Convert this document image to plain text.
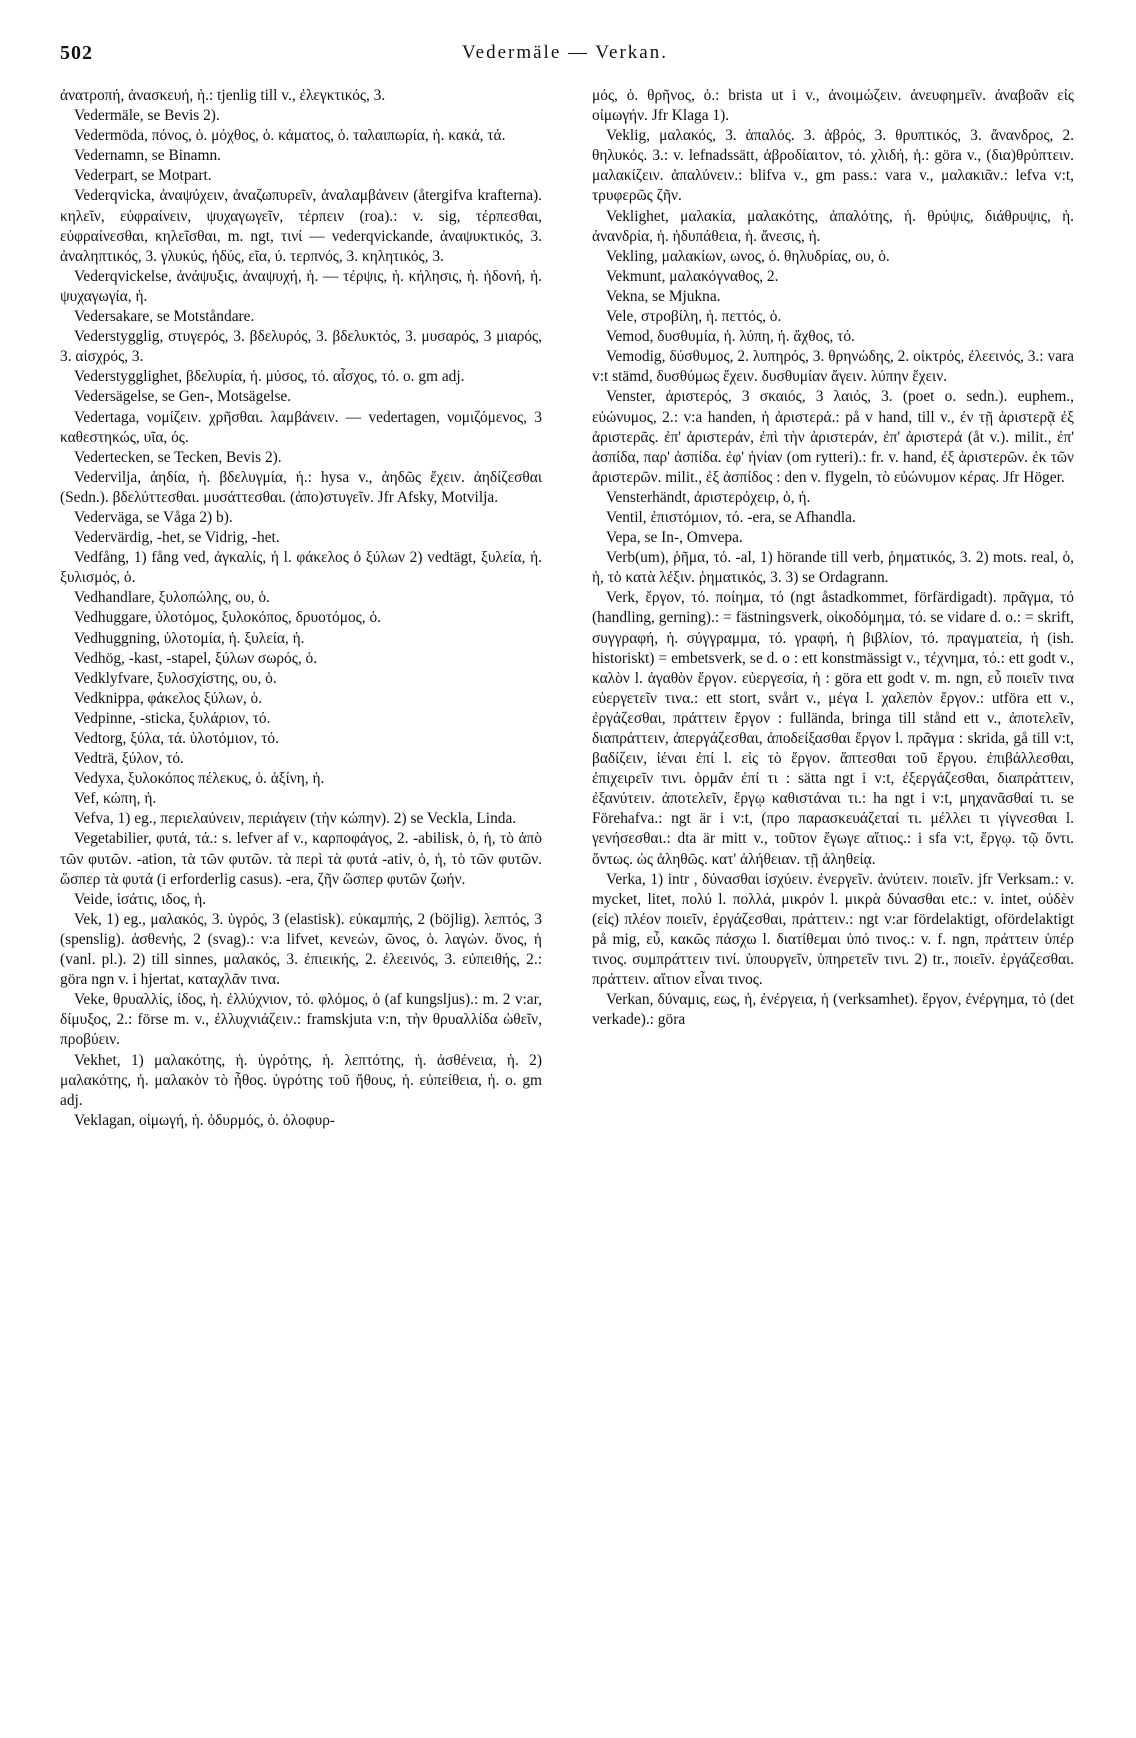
502	Vedermäle — Verkan.

ἀνατροπή, ἀνασκευή, ἡ.: tjenlig till v., ἐλεγκτικός, 3.

Vedermäle, se Bevis 2).

Vedermöda, πόνος, ὁ. μόχθος, ὁ. κάματος, ὁ. ταλαιπωρία, ἡ. κακά, τά.

Vedernamn, se Binamn.

Vederpart, se Motpart.

Vederqvicka, ἀναψύχειν, ἀναζωπυρεῖν, ἀναλαμβάνειν (återgifva krafterna). κηλεῖν, εὐφραίνειν, ψυχαγωγεῖν, τέρπειν (roa).: v. sig, τέρπεσθαι, εὐφραίνεσθαι, κηλεῖσθαι, m. ngt, τινί — vederqvickande, ἀναψυκτικός, 3. ἀναληπτικός, 3. γλυκύς, ἡδύς, εῖα, ύ. τερπνός, 3. κηλητικός, 3.

Vederqvickelse, ἀνάψυξις, ἀναψυχή, ἡ. — τέρψις, ἡ. κήλησις, ἡ. ἡδονή, ἡ. ψυχαγωγία, ἡ.

Vedersakare, se Motståndare.

Vederstygglig, στυγερός, 3. βδελυρός, 3. βδελυκτός, 3. μυσαρός, 3 μιαρός, 3. αἰσχρός, 3.

Vederstygglighet, βδελυρία, ἡ. μύσος, τό. αἶσχος, τό. o. gm adj.

Vedersägelse, se Gen-, Motsägelse.

Vedertaga, νομίζειν. χρῆσθαι. λαμβάνειν. — vedertagen, νομιζόμενος, 3 καθεστηκώς, υῖα, ός.

Vedertecken, se Tecken, Bevis 2).

Vedervilja, ἀηδία, ἡ. βδελυγμία, ἡ.: hysa v., ἀηδῶς ἔχειν. ἀηδίζεσθαι (Sedn.). βδελύττεσθαι. μυσάττεσθαι. (ἀπο)στυγεῖν. Jfr Afsky, Motvilja.

Vederväga, se Våga 2) b).

Vedervärdig, -het, se Vidrig, -het.

Vedfång, 1) fång ved, ἀγκαλίς, ἡ l. φάκελος ὁ ξύλων 2) vedtägt, ξυλεία, ἡ. ξυλισμός, ὁ.

Vedhandlare, ξυλοπώλης, ου, ὁ.

Vedhuggare, ὑλοτόμος, ξυλοκόπος, δρυοτόμος, ὁ.

Vedhuggning, ὑλοτομία, ἡ. ξυλεία, ἡ.

Vedhög, -kast, -stapel, ξύλων σωρός, ὁ.

Vedklyfvare, ξυλοσχίστης, ου, ὁ.

Vedknippa, φάκελος ξύλων, ὁ.

Vedpinne, -sticka, ξυλάριον, τό.

Vedtorg, ξύλα, τά. ὑλοτόμιον, τό.

Vedträ, ξύλον, τό.

Vedyxa, ξυλοκόπος πέλεκυς, ὁ. ἀξίνη, ἡ.

Vef, κώπη, ἡ.

Vefva, 1) eg., περιελαύνειν, περιάγειν (τὴν κώπην). 2) se Veckla, Linda.

Vegetabilier, φυτά, τά.: s. lefver af v., καρποφάγος, 2. -abilisk, ὁ, ἡ, τὸ ἀπὸ τῶν φυτῶν. -ation, τὰ τῶν φυτῶν. τὰ περὶ τὰ φυτά -ativ, ὁ, ἡ, τὸ τῶν φυτῶν. ὥσπερ τὰ φυτά (i erforderlig casus). -era, ζῆν ὥσπερ φυτῶν ζωήν.

Veide, ἰσάτις, ιδος, ἡ.

Vek, 1) eg., μαλακός, 3. ὑγρός, 3 (elastisk). εὐκαμπής, 2 (böjlig). λεπτός, 3 (spenslig). ἀσθενής, 2 (svag).: v:a lifvet, κενεών, ῶνος, ὁ. λαγών. ὄνος, ἡ (vanl. pl.). 2) till sinnes, μαλακός, 3. ἐπιεικής, 2. ἐλεεινός, 3. εὐπειθής, 2.: göra ngn v. i hjertat, καταχλᾶν τινα.

Veke, θρυαλλίς, ίδος, ἡ. ἐλλύχνιον, τό. φλόμος, ὁ (af kungsljus).: m. 2 v:ar, δίμυξος, 2.: förse m. v., ἐλλυχνιάζειν.: framskjuta v:n, τὴν θρυαλλίδα ὠθεῖν, προβύειν.

Vekhet, 1) μαλακότης, ἡ. ὑγρότης, ἡ. λεπτότης, ἡ. ἀσθένεια, ἡ. 2) μαλακότης, ἡ. μαλακὸν τὸ ἦθος. ὑγρότης τοῦ ἤθους, ἡ. εὐπείθεια, ἡ. o. gm adj.

Veklagan, οἰμωγή, ἡ. ὀδυρμός, ὁ. ὀλοφυρ-

μός, ὁ. θρῆνος, ὁ.: brista ut i v., ἀνοιμώζειν. ἀνευφημεῖν. ἀναβοᾶν εἰς οἰμωγήν. Jfr Klaga 1).

Veklig, μαλακός, 3. ἁπαλός. 3. ἁβρός, 3. θρυπτικός, 3. ἄνανδρος, 2. θηλυκός. 3.: v. lefnadssätt, ἁβροδίαιτον, τό. χλιδή, ἡ.: göra v., (δια)θρύπτειν. μαλακίζειν. ἁπαλύνειν.: blifva v., gm pass.: vara v., μαλακιᾶν.: lefva v:t, τρυφερῶς ζῆν.

Veklighet, μαλακία, μαλακότης, ἁπαλότης, ἡ. θρύψις, διάθρυψις, ἡ. ἀνανδρία, ἡ. ἡδυπάθεια, ἡ. ἄνεσις, ἡ.

Vekling, μαλακίων, ωνος, ὁ. θηλυδρίας, ου, ὁ.

Vekmunt, μαλακόγναθος, 2.

Vekna, se Mjukna.

Vele, στροβίλη, ἡ. πεττός, ὁ.

Vemod, δυσθυμία, ἡ. λύπη, ἡ. ἄχθος, τό.

Vemodig, δύσθυμος, 2. λυπηρός, 3. θρηνώδης, 2. οἰκτρός, ἐλεεινός, 3.: vara v:t stämd, δυσθύμως ἔχειν. δυσθυμίαν ἄγειν. λύπην ἔχειν.

Venster, ἀριστερός, 3 σκαιός, 3 λαιός, 3. (poet o. sedn.). euphem., εὐώνυμος, 2.: v:a handen, ἡ ἀριστερά.: på v hand, till v., ἐν τῇ ἀριστερᾷ ἐξ ἀριστερᾶς. ἐπ' ἀριστεράν, ἐπὶ τὴν ἀριστεράν, ἐπ' ἀριστερά (åt v.). milit., ἐπ' ἀσπίδα, παρ' ἀσπίδα. ἐφ' ἡνίαν (om rytteri).: fr. v. hand, ἐξ ἀριστερῶν. ἐκ τῶν ἀριστερῶν. milit., ἐξ ἀσπίδος : den v. flygeln, τὸ εὐώνυμον κέρας. Jfr Höger.

Vensterhändt, ἀριστερόχειρ, ὁ, ἡ.

Ventil, ἐπιστόμιον, τό. -era, se Afhandla.

Vepa, se In-, Omvepa.

Verb(um), ῥῆμα, τό. -al, 1) hörande till verb, ῥηματικός, 3. 2) mots. real, ὁ, ἡ, τὸ κατὰ λέξιν. ῥηματικός, 3. 3) se Ordagrann.

Verk, ἔργον, τό. ποίημα, τό (ngt åstadkommet, förfärdigadt). πρᾶγμα, τό (handling, gerning).: = fästningsverk, οἰκοδόμημα, τό. se vidare d. o.: = skrift, συγγραφή, ἡ. σύγγραμμα, τό. γραφή, ἡ βιβλίον, τό. πραγματεία, ἡ (ish. historiskt) = embetsverk, se d. o : ett konstmässigt v., τέχνημα, τό.: ett godt v., καλὸν l. ἀγαθὸν ἔργον. εὐεργεσία, ἡ : göra ett godt v. m. ngn, εὖ ποιεῖν τινα εὐεργετεῖν τινα.: ett stort, svårt v., μέγα l. χαλεπὸν ἔργον.: utföra ett v., ἐργάζεσθαι, πράττειν ἔργον : fullända, bringa till stånd ett v., ἀποτελεῖν, διαπράττειν, ἀπεργάζεσθαι, ἀποδείξασθαι ἔργον l. πρᾶγμα : skrida, gå till v:t, βαδίζειν, ἰέναι ἐπί l. εἰς τὸ ἔργον. ἅπτεσθαι τοῦ ἔργου. ἐπιβάλλεσθαι, ἐπιχειρεῖν τινι. ὁρμᾶν ἐπί τι : sätta ngt i v:t, ἐξεργάζεσθαι, διαπράττειν, ἐξανύτειν. ἀποτελεῖν, ἔργῳ καθιστάναι τι.: ha ngt i v:t, μηχανᾶσθαί τι. se Förehafva.: ngt är i v:t, (προ παρασκευάζεταί τι. μέλλει τι γίγνεσθαι l. γενήσεσθαι.: dta är mitt v., τοῦτον ἔγωγε αἴτιος.: i sfa v:t, ἔργῳ. τῷ ὄντι. ὄντως. ὡς ἀληθῶς. κατ' ἀλήθειαν. τῇ ἀληθείᾳ.

Verka, 1) intr , δύνασθαι ἰσχύειν. ἐνεργεῖν. ἀνύτειν. ποιεῖν. jfr Verksam.: v. mycket, litet, πολύ l. πολλά, μικρόν l. μικρὰ δύνασθαι etc.: v. intet, οὐδὲν (εἰς) πλέον ποιεῖν, ἐργάζεσθαι, πράττειν.: ngt v:ar fördelaktigt, ofördelaktigt på mig, εὖ, κακῶς πάσχω l. διατίθεμαι ὑπό τινος.: v. f. ngn, πράττειν ὑπέρ τινος. συμπράττειν τινί. ὑπουργεῖν, ὑπηρετεῖν τινι. 2) tr., ποιεῖν. ἐργάζεσθαι. πράττειν. αἴτιον εἶναι τινος.

Verkan, δύναμις, εως, ἡ, ἐνέργεια, ἡ (verksamhet). ἔργον, ἐνέργημα, τό (det verkade).: göra
